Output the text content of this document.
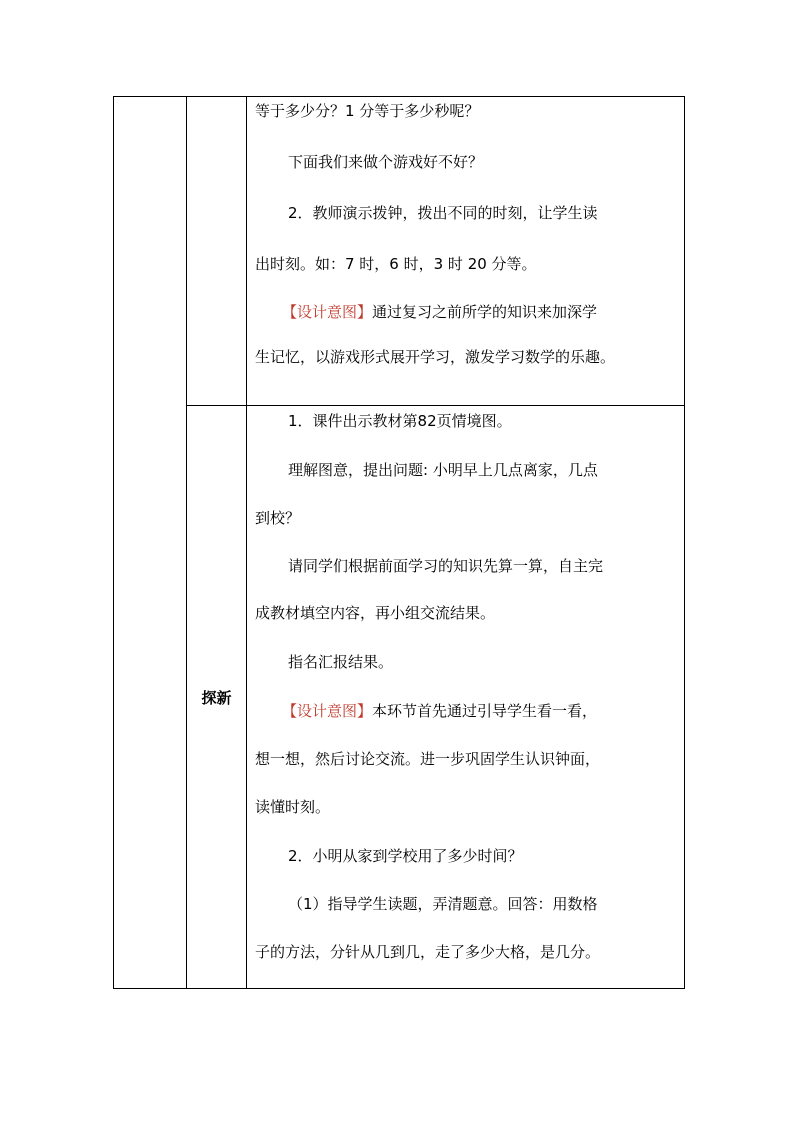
等于多少分？1 分等于多少秒呢？

下面我们来做个游戏好不好？

2．教师演示拨钟，拨出不同的时刻，让学生读

出时刻。如：7 时，6 时，3 时 20 分等。

【设计意图】通过复习之前所学的知识来加深学

生记忆，以游戏形式展开学习，激发学习数学的乐趣。

探新

1．课件出示教材第82页情境图。

理解图意，提出问题: 小明早上几点离家，几点

到校？

请同学们根据前面学习的知识先算一算，自主完

成教材填空内容，再小组交流结果。

指名汇报结果。

【设计意图】本环节首先通过引导学生看一看，

想一想，然后讨论交流。进一步巩固学生认识钟面，

读懂时刻。

2．小明从家到学校用了多少时间？

（1）指导学生读题，弄清题意。回答：用数格

子的方法，分针从几到几，走了多少大格，是几分。
